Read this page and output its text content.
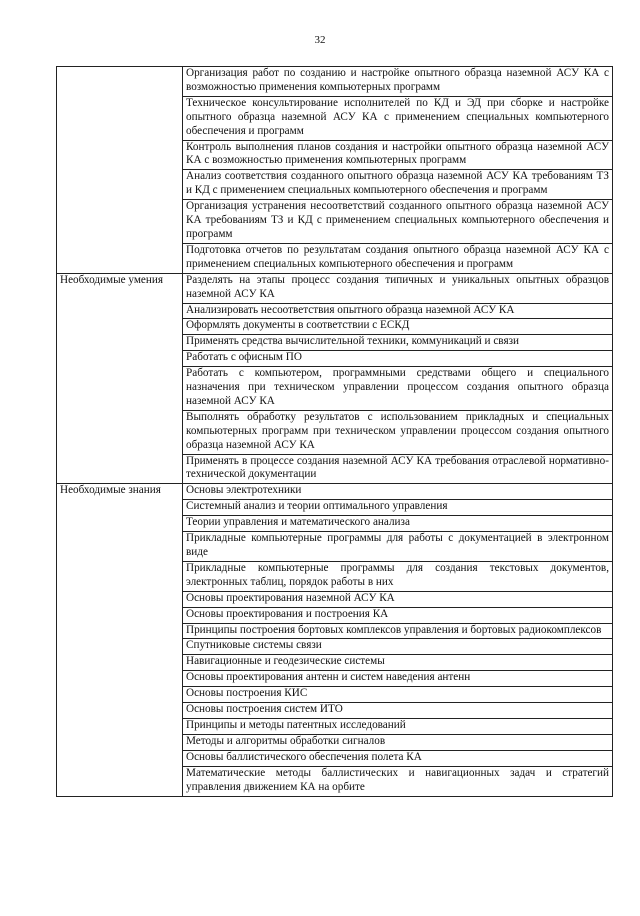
32
	Организация работ по созданию и настройке опытного образца наземной АСУ КА с возможностью применения компьютерных программ
	Техническое консультирование исполнителей по КД и ЭД при сборке и настройке опытного образца наземной АСУ КА с применением специальных компьютерного обеспечения и программ
	Контроль выполнения планов создания и настройки опытного образца наземной АСУ КА с возможностью применения компьютерных программ
	Анализ соответствия созданного опытного образца наземной АСУ КА требованиям ТЗ и КД с применением специальных компьютерного обеспечения и программ
	Организация устранения несоответствий созданного опытного образца наземной АСУ КА требованиям ТЗ и КД с применением специальных компьютерного обеспечения и программ
	Подготовка отчетов по результатам создания опытного образца наземной АСУ КА с применением специальных компьютерного обеспечения и программ
Необходимые умения	Разделять на этапы процесс создания типичных и уникальных опытных образцов наземной АСУ КА
	Анализировать несоответствия опытного образца наземной АСУ КА
	Оформлять документы в соответствии с ЕСКД
	Применять средства вычислительной техники, коммуникаций и связи
	Работать с офисным ПО
	Работать с компьютером, программными средствами общего и специального назначения при техническом управлении процессом создания опытного образца наземной АСУ КА
	Выполнять обработку результатов с использованием прикладных и специальных компьютерных программ при техническом управлении процессом создания опытного образца наземной АСУ КА
	Применять в процессе создания наземной АСУ КА требования отраслевой нормативно-технической документации
Необходимые знания	Основы электротехники
	Системный анализ и теории оптимального управления
	Теории управления и математического анализа
	Прикладные компьютерные программы для работы с документацией в электронном виде
	Прикладные компьютерные программы для создания текстовых документов, электронных таблиц, порядок работы в них
	Основы проектирования наземной АСУ КА
	Основы проектирования и построения КА
	Принципы построения бортовых комплексов управления и бортовых радиокомплексов
	Спутниковые системы связи
	Навигационные и геодезические системы
	Основы проектирования антенн и систем наведения антенн
	Основы построения КИС
	Основы построения систем ИТО
	Принципы и методы патентных исследований
	Методы и алгоритмы обработки сигналов
	Основы баллистического обеспечения полета КА
	Математические методы баллистических и навигационных задач и стратегий управления движением КА на орбите
